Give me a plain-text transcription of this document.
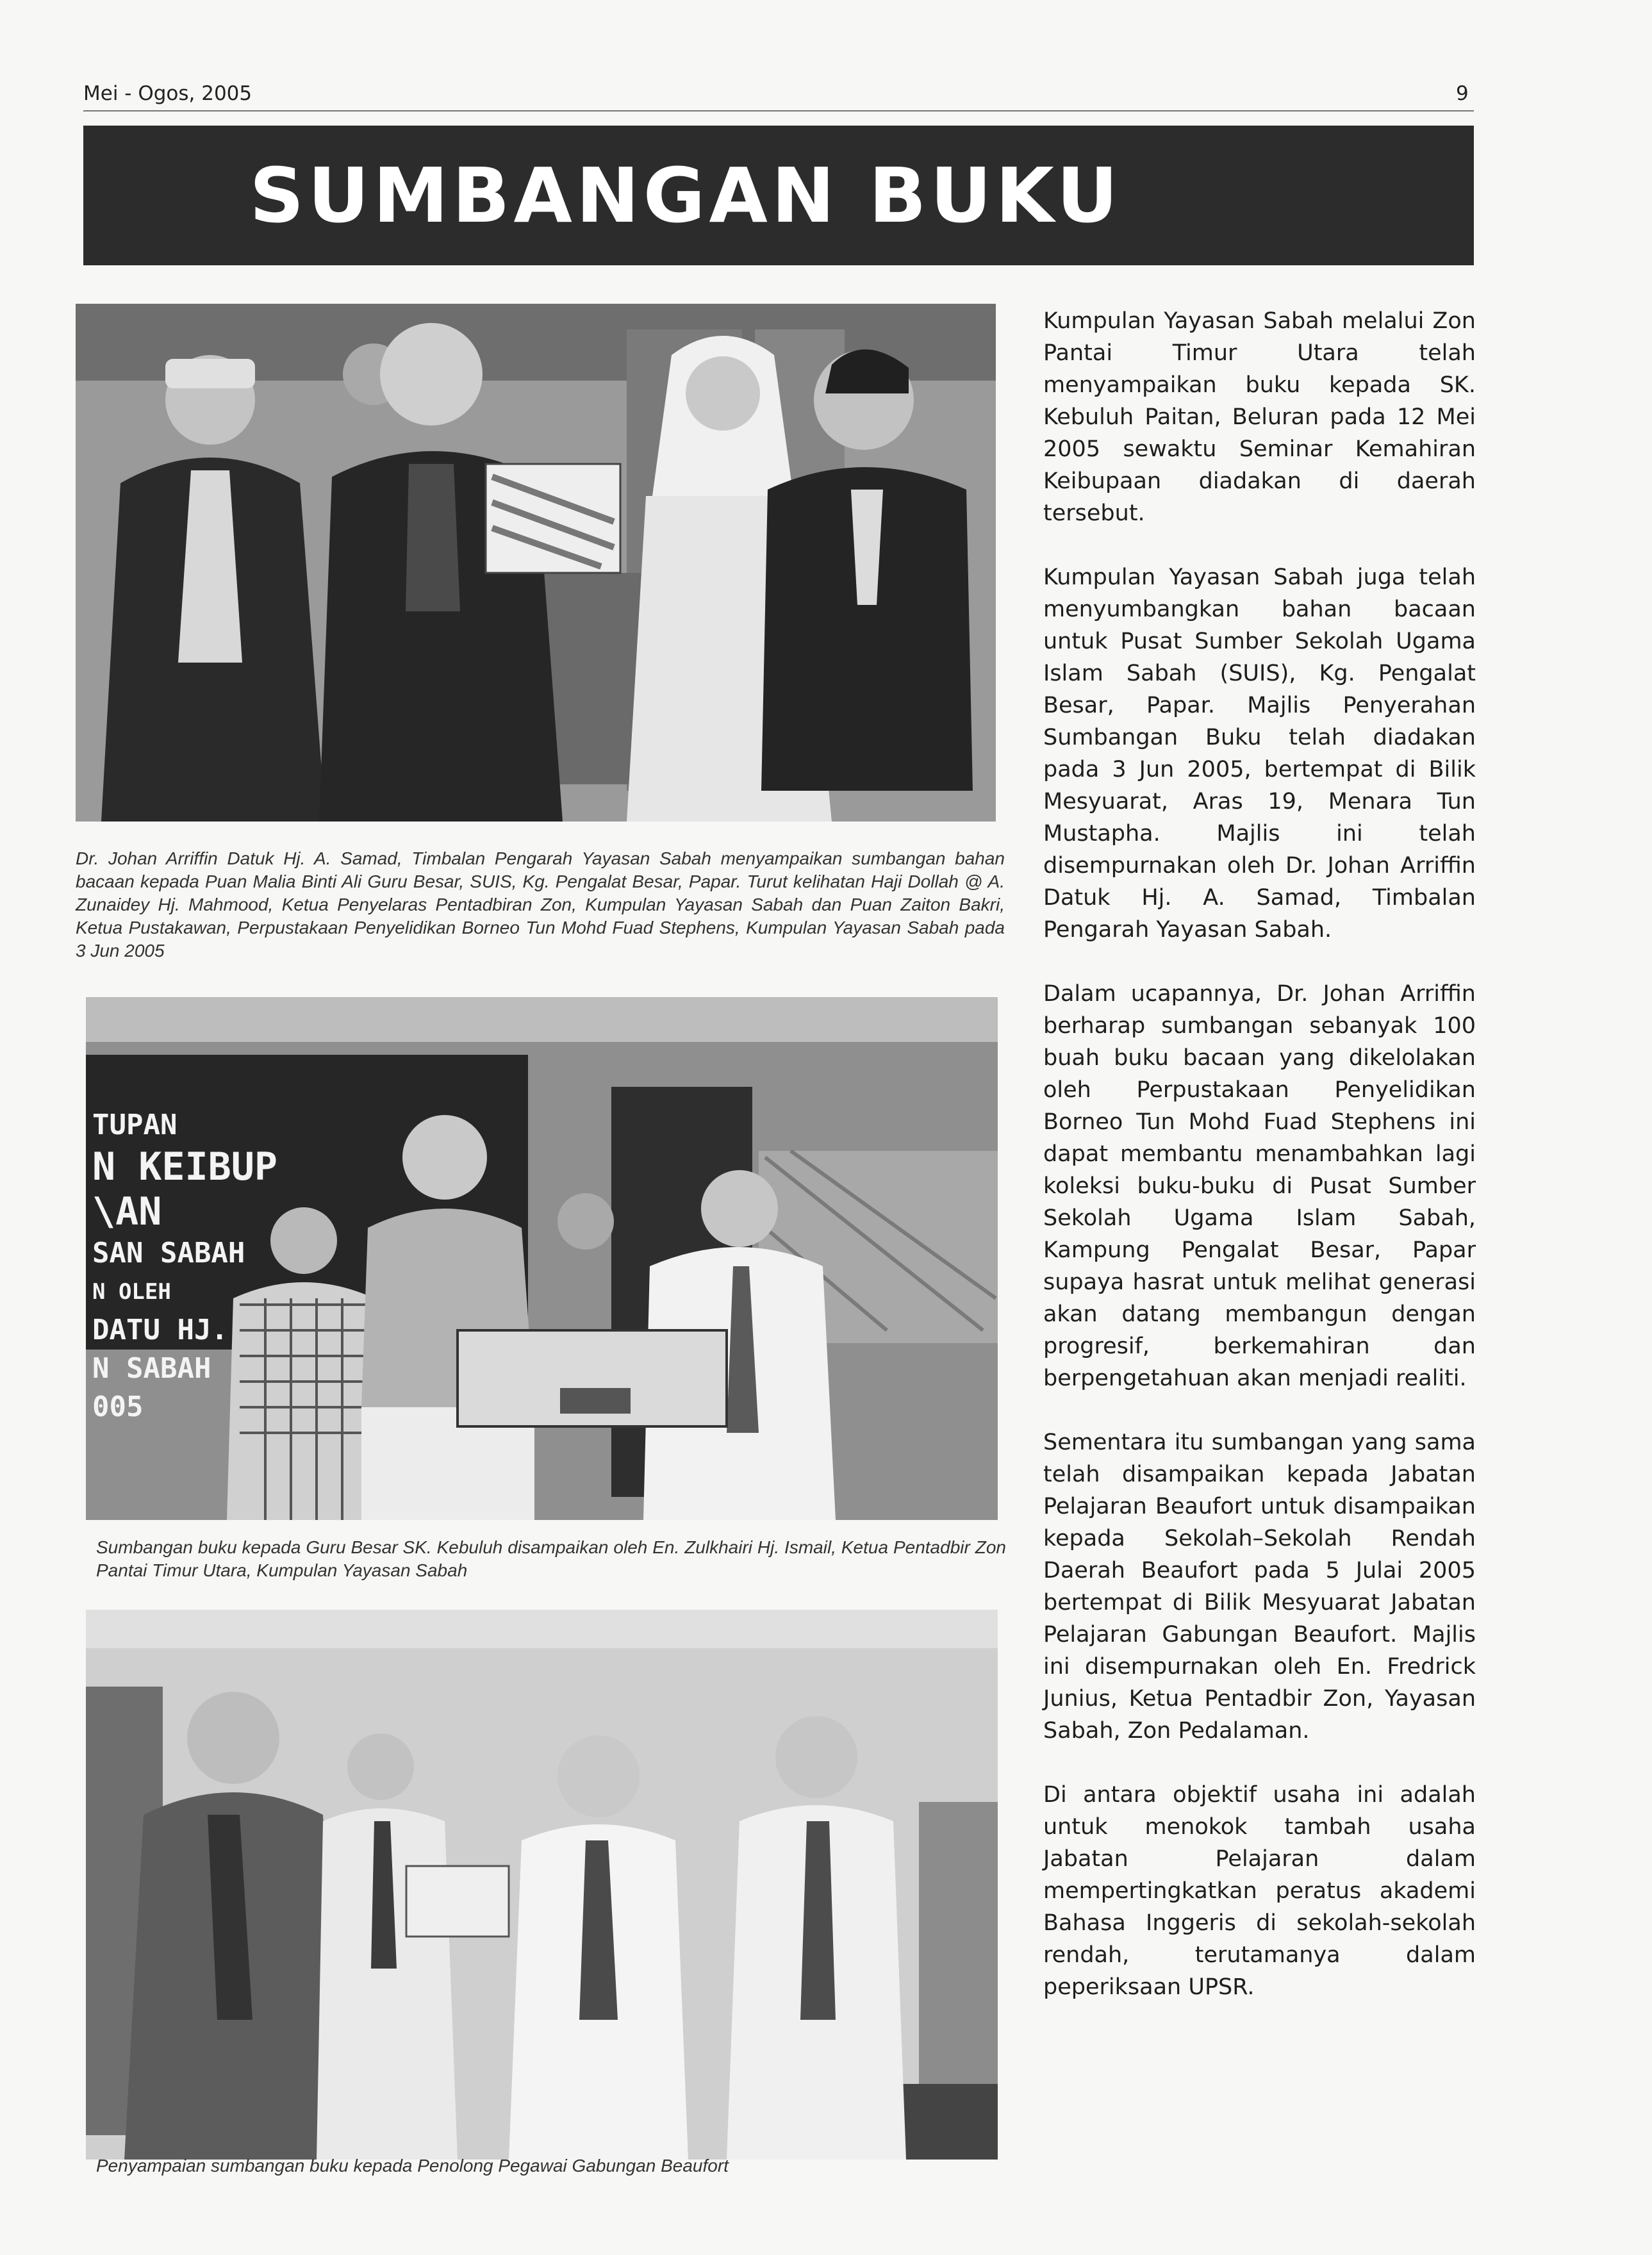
Mei - Ogos, 2005	9
SUMBANGAN BUKU
Dr. Johan Arriffin Datuk Hj. A. Samad, Timbalan Pengarah Yayasan Sabah menyampaikan sumbangan bahan bacaan kepada Puan Malia Binti Ali Guru Besar, SUIS, Kg. Pengalat Besar, Papar. Turut kelihatan Haji Dollah @ A. Zunaidey Hj. Mahmood, Ketua Penyelaras Pentadbiran Zon, Kumpulan Yayasan Sabah dan Puan Zaiton Bakri, Ketua Pustakawan, Perpustakaan Penyelidikan Borneo Tun Mohd Fuad Stephens, Kumpulan Yayasan Sabah pada 3 Jun 2005
TUPAN
N KEIBUP \AN
SAN SABAH
N OLEH
DATU HJ.
N SABAH
005
Sumbangan buku kepada Guru Besar SK. Kebuluh disampaikan oleh En. Zulkhairi Hj. Ismail, Ketua Pentadbir Zon Pantai Timur Utara, Kumpulan Yayasan Sabah
Penyampaian sumbangan buku kepada Penolong Pegawai Gabungan Beaufort

Kumpulan Yayasan Sabah melalui Zon Pantai Timur Utara telah menyampaikan buku kepada SK. Kebuluh Paitan, Beluran pada 12 Mei 2005 sewaktu Seminar Kemahiran Keibupaan diadakan di daerah tersebut.

Kumpulan Yayasan Sabah juga telah menyumbangkan bahan bacaan untuk Pusat Sumber Sekolah Ugama Islam Sabah (SUIS), Kg. Pengalat Besar, Papar. Majlis Penyerahan Sumbangan Buku telah diadakan pada 3 Jun 2005, bertempat di Bilik Mesyuarat, Aras 19, Menara Tun Mustapha. Majlis ini telah disempurnakan oleh Dr. Johan Arriffin Datuk Hj. A. Samad, Timbalan Pengarah Yayasan Sabah.

Dalam ucapannya, Dr. Johan Arriffin berharap sumbangan sebanyak 100 buah buku bacaan yang dikelolakan oleh Perpustakaan Penyelidikan Borneo Tun Mohd Fuad Stephens ini dapat membantu menambahkan lagi koleksi buku-buku di Pusat Sumber Sekolah Ugama Islam Sabah, Kampung Pengalat Besar, Papar supaya hasrat untuk melihat generasi akan datang membangun dengan progresif, berkemahiran dan berpengetahuan akan menjadi realiti.

Sementara itu sumbangan yang sama telah disampaikan kepada Jabatan Pelajaran Beaufort untuk disampaikan kepada Sekolah–Sekolah Rendah Daerah Beaufort pada 5 Julai 2005 bertempat di Bilik Mesyuarat Jabatan Pelajaran Gabungan Beaufort. Majlis ini disempurnakan oleh En. Fredrick Junius, Ketua Pentadbir Zon, Yayasan Sabah, Zon Pedalaman.

Di antara objektif usaha ini adalah untuk menokok tambah usaha Jabatan Pelajaran dalam mempertingkatkan peratus akademi Bahasa Inggeris di sekolah-sekolah rendah, terutamanya dalam peperiksaan UPSR.
